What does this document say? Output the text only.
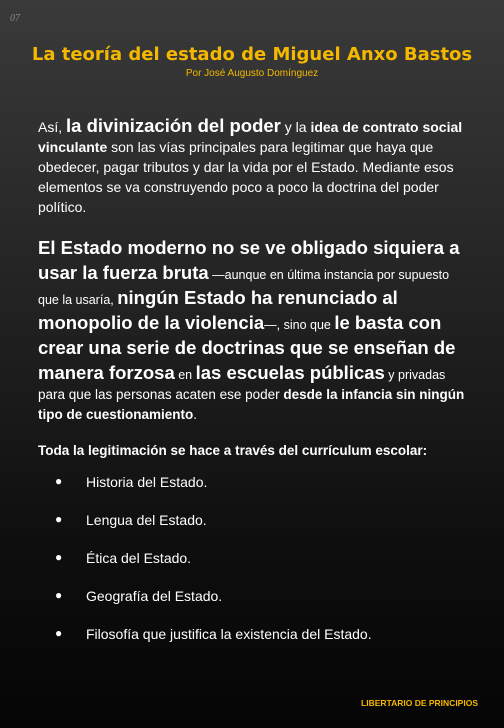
07
La teoría del estado de Miguel Anxo Bastos
Por José Augusto Domínguez

Así, la divinización del poder y la idea de contrato social vinculante son las vías principales para legitimar que haya que obedecer, pagar tributos y dar la vida por el Estado. Mediante esos elementos se va construyendo poco a poco la doctrina del poder político.

El Estado moderno no se ve obligado siquiera a usar la fuerza bruta —aunque en última instancia por supuesto que la usaría, ningún Estado ha renunciado al monopolio de la violencia—, sino que le basta con crear una serie de doctrinas que se enseñan de manera forzosa en las escuelas públicas y privadas
para que las personas acaten ese poder desde la infancia sin ningún tipo de cuestionamiento.

Toda la legitimación se hace a través del currículum escolar:

● Historia del Estado.
● Lengua del Estado.
● Ética del Estado.
● Geografía del Estado.
● Filosofía que justifica la existencia del Estado.
LIBERTARIO DE PRINCIPIOS
